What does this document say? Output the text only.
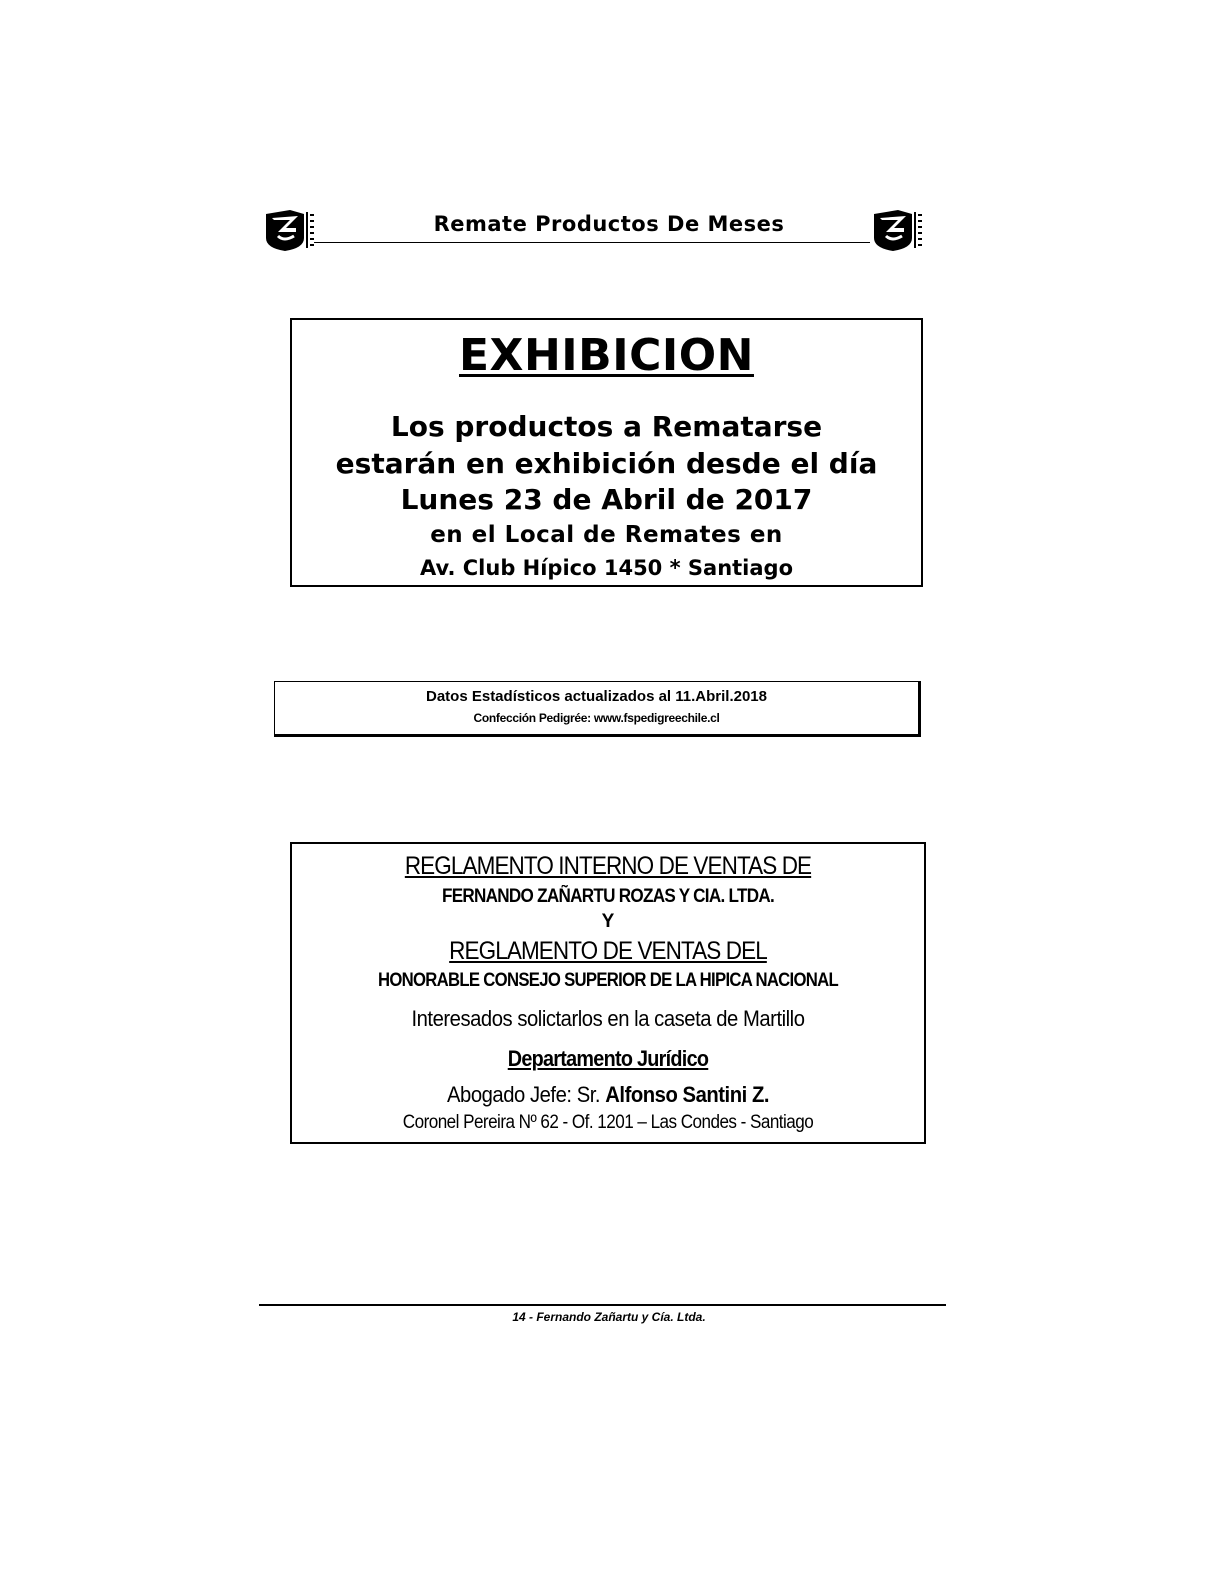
Remate Productos De Meses
EXHIBICION
Los productos a Rematarse
estarán en exhibición desde el día
Lunes 23 de Abril de 2017
en el Local de Remates en
Av. Club Hípico 1450 * Santiago
Datos Estadísticos actualizados al 11.Abril.2018
Confección Pedigrée: www.fspedigreechile.cl
REGLAMENTO INTERNO DE VENTAS DE
FERNANDO ZAÑARTU ROZAS Y CIA. LTDA.
Y
REGLAMENTO DE VENTAS DEL
HONORABLE CONSEJO SUPERIOR DE LA HIPICA NACIONAL
Interesados solictarlos en la caseta de Martillo
Departamento Jurídico
Abogado Jefe: Sr. Alfonso Santini Z.
Coronel Pereira Nº 62 - Of. 1201 – Las Condes - Santiago
14 - Fernando Zañartu y Cía. Ltda.
